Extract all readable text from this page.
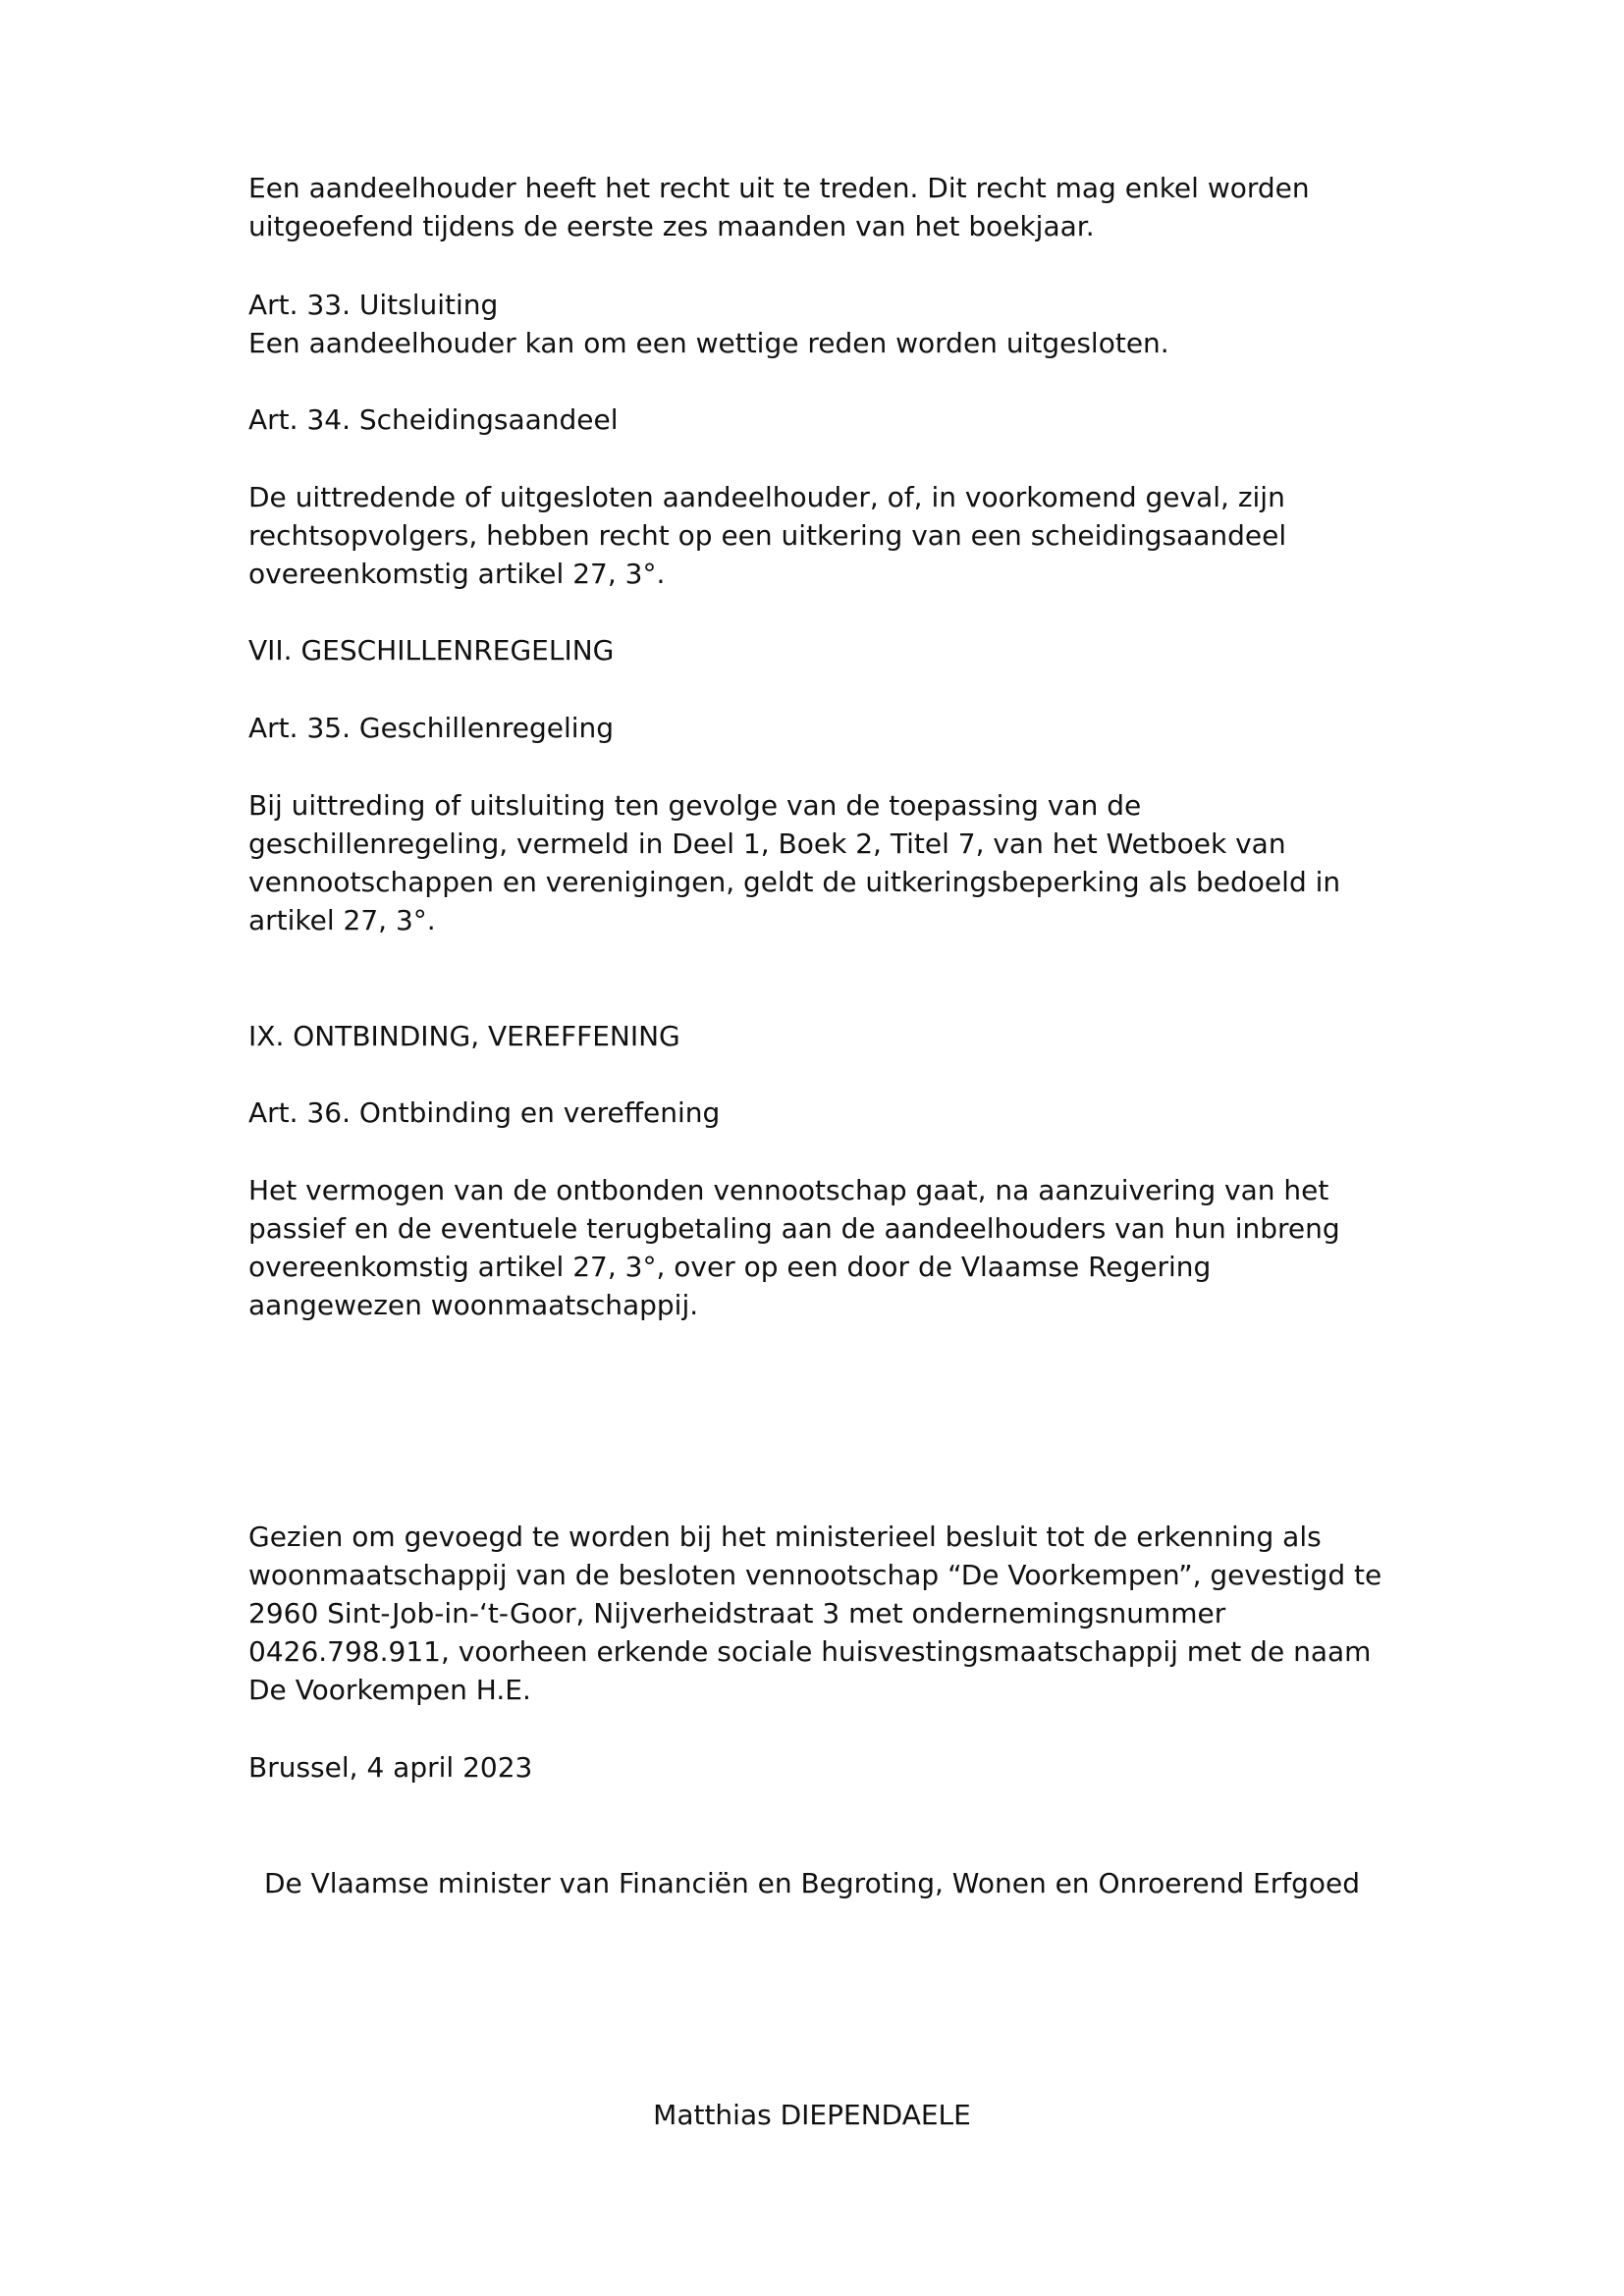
Een aandeelhouder heeft het recht uit te treden. Dit recht mag enkel worden
uitgeoefend tijdens de eerste zes maanden van het boekjaar.

Art. 33. Uitsluiting
Een aandeelhouder kan om een wettige reden worden uitgesloten.

Art. 34. Scheidingsaandeel

De uittredende of uitgesloten aandeelhouder, of, in voorkomend geval, zijn
rechtsopvolgers, hebben recht op een uitkering van een scheidingsaandeel
overeenkomstig artikel 27, 3°.

VII. GESCHILLENREGELING

Art. 35. Geschillenregeling

Bij uittreding of uitsluiting ten gevolge van de toepassing van de
geschillenregeling, vermeld in Deel 1, Boek 2, Titel 7, van het Wetboek van
vennootschappen en verenigingen, geldt de uitkeringsbeperking als bedoeld in
artikel 27, 3°.

IX. ONTBINDING, VEREFFENING

Art. 36. Ontbinding en vereffening

Het vermogen van de ontbonden vennootschap gaat, na aanzuivering van het
passief en de eventuele terugbetaling aan de aandeelhouders van hun inbreng
overeenkomstig artikel 27, 3°, over op een door de Vlaamse Regering
aangewezen woonmaatschappij.

Gezien om gevoegd te worden bij het ministerieel besluit tot de erkenning als
woonmaatschappij van de besloten vennootschap “De Voorkempen”, gevestigd te
2960 Sint-Job-in-‘t-Goor, Nijverheidstraat 3 met ondernemingsnummer
0426.798.911, voorheen erkende sociale huisvestingsmaatschappij met de naam
De Voorkempen H.E.

Brussel, 4 april 2023

De Vlaamse minister van Financiën en Begroting, Wonen en Onroerend Erfgoed
Matthias DIEPENDAELE
